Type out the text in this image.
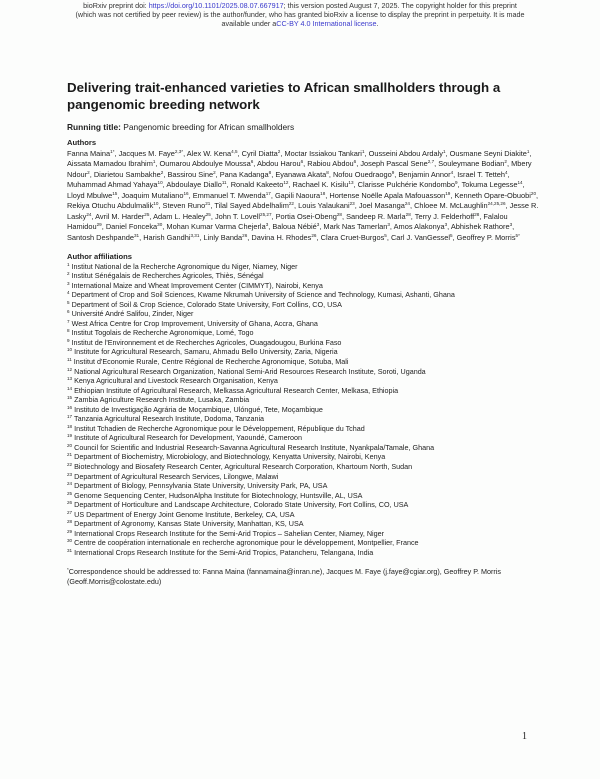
bioRxiv preprint doi: https://doi.org/10.1101/2025.08.07.667917; this version posted August 7, 2025. The copyright holder for this preprint
(which was not certified by peer review) is the author/funder, who has granted bioRxiv a license to display the preprint in perpetuity. It is made
available under aCC-BY 4.0 International license.
Delivering trait-enhanced varieties to African smallholders through a pangenomic breeding network
Running title: Pangenomic breeding for African smallholders
Authors
Fanna Maina$^{1*}$, Jacques M. Faye$^{2,3*}$, Alex W. Kena$^{4,5}$, Cyril Diatta$^2$, Moctar Issiakou Tankari$^1$, Ousseini Abdou Ardaly$^1$, Ousmane Seyni Diakite$^1$, Aissata Mamadou Ibrahim$^1$, Oumarou Abdoulye Moussa$^6$, Abdou Harou$^6$, Rabiou Abdou$^6$, Joseph Pascal Sene$^{2,7}$, Souleymane Bodian$^2$, Mbery Ndour$^2$, Diarietou Sambakhe$^2$, Bassirou Sine$^2$, Pana Kadanga$^8$, Eyanawa Akata$^8$, Nofou Ouedraogo$^9$, Benjamin Annor$^4$, Israel T. Tetteh$^4$, Muhammad Ahmad Yahaya$^{10}$, Abdoulaye Diallo$^{11}$, Ronald Kakeeto$^{12}$, Rachael K. Kisilu$^{13}$, Clarisse Pulchérie Kondombo$^9$, Tokuma Legesse$^{14}$, Lloyd Mbulwe$^{15}$, Joaquim Mutaliano$^{16}$, Emmanuel T. Mwenda$^{17}$, Gapili Naoura$^{18}$, Hortense Noëlle Apala Mafouasson$^{19}$, Kenneth Opare-Obuobi$^{20}$, Rekiya Otuchu Abdulmalik$^{10}$, Steven Runo$^{21}$, Tilal Sayed Abdelhalim$^{22}$, Louis Yalaukani$^{23}$, Joel Masanga$^{24}$, Chloee M. McLaughlin$^{24,25,26}$, Jesse R. Lasky$^{24}$, Avril M. Harder$^{25}$, Adam L. Healey$^{25}$, John T. Lovell$^{25,27}$, Portia Osei-Obeng$^{28}$, Sandeep R. Marla$^{28}$, Terry J. Felderhoff$^{28}$, Falalou Hamidou$^{29}$, Daniel Fonceka$^{30}$, Mohan Kumar Varma Chejerla$^3$, Baloua Nébié$^3$, Mark Nas Tamerlan$^3$, Amos Alakonya$^3$, Abhishek Rathore$^3$, Santosh Deshpande$^{31}$, Harish Gandhi$^{3,31}$, Linly Banda$^{26}$, Davina H. Rhodes$^{26}$, Clara Cruet-Burgos$^5$, Carl J. VanGessel$^5$, Geoffrey P. Morris$^{5*}$
Author affiliations
$^1$ Institut National de la Recherche Agronomique du Niger, Niamey, Niger
$^2$ Institut Sénégalais de Recherches Agricoles, Thiès, Sénégal
$^3$ International Maize and Wheat Improvement Center (CIMMYT), Nairobi, Kenya
$^4$ Department of Crop and Soil Sciences, Kwame Nkrumah University of Science and Technology, Kumasi, Ashanti, Ghana
$^5$ Department of Soil & Crop Science, Colorado State University, Fort Collins, CO, USA
$^6$ Université André Salifou, Zinder, Niger
$^7$ West Africa Centre for Crop Improvement, University of Ghana, Accra, Ghana
$^8$ Institut Togolais de Recherche Agronomique, Lomé, Togo
$^9$ Institut de l'Environnement et de Recherches Agricoles, Ouagadougou, Burkina Faso
$^{10}$ Institute for Agricultural Research, Samaru, Ahmadu Bello University, Zaria, Nigeria
$^{11}$ Institut d'Economie Rurale, Centre Régional de Recherche Agronomique, Sotuba, Mali
$^{12}$ National Agricultural Research Organization, National Semi-Arid Resources Research Institute, Soroti, Uganda
$^{13}$ Kenya Agricultural and Livestock Research Organisation, Kenya
$^{14}$ Ethiopian Institute of Agricultural Research, Melkassa Agricultural Research Center, Melkasa, Ethiopia
$^{15}$ Zambia Agriculture Research Institute, Lusaka, Zambia
$^{16}$ Instituto de Investigação Agrária de Moçambique, Ulóngué, Tete, Moçambique
$^{17}$ Tanzania Agricultural Research Institute, Dodoma, Tanzania
$^{18}$ Institut Tchadien de Recherche Agronomique pour le Développement, République du Tchad
$^{19}$ Institute of Agricultural Research for Development, Yaoundé, Cameroon
$^{20}$ Council for Scientific and Industrial Research-Savanna Agricultural Research Institute, Nyankpala/Tamale, Ghana
$^{21}$ Department of Biochemistry, Microbiology, and Biotechnology, Kenyatta University, Nairobi, Kenya
$^{22}$ Biotechnology and Biosafety Research Center, Agricultural Research Corporation, Khartoum North, Sudan
$^{23}$ Department of Agricultural Research Services, Lilongwe, Malawi
$^{24}$ Department of Biology, Pennsylvania State University, University Park, PA, USA
$^{25}$ Genome Sequencing Center, HudsonAlpha Institute for Biotechnology, Huntsville, AL, USA
$^{26}$ Department of Horticulture and Landscape Architecture, Colorado State University, Fort Collins, CO, USA
$^{27}$ US Department of Energy Joint Genome Institute, Berkeley, CA, USA
$^{28}$ Department of Agronomy, Kansas State University, Manhattan, KS, USA
$^{29}$ International Crops Research Institute for the Semi-Arid Tropics – Sahelian Center, Niamey, Niger
$^{30}$ Centre de coopération internationale en recherche agronomique pour le développement, Montpellier, France
$^{31}$ International Crops Research Institute for the Semi-Arid Tropics, Patancheru, Telangana, India
*Correspondence should be addressed to: Fanna Maina (fannamaina@inran.ne), Jacques M. Faye (j.faye@cgiar.org), Geoffrey P. Morris (Geoff.Morris@colostate.edu)
1
